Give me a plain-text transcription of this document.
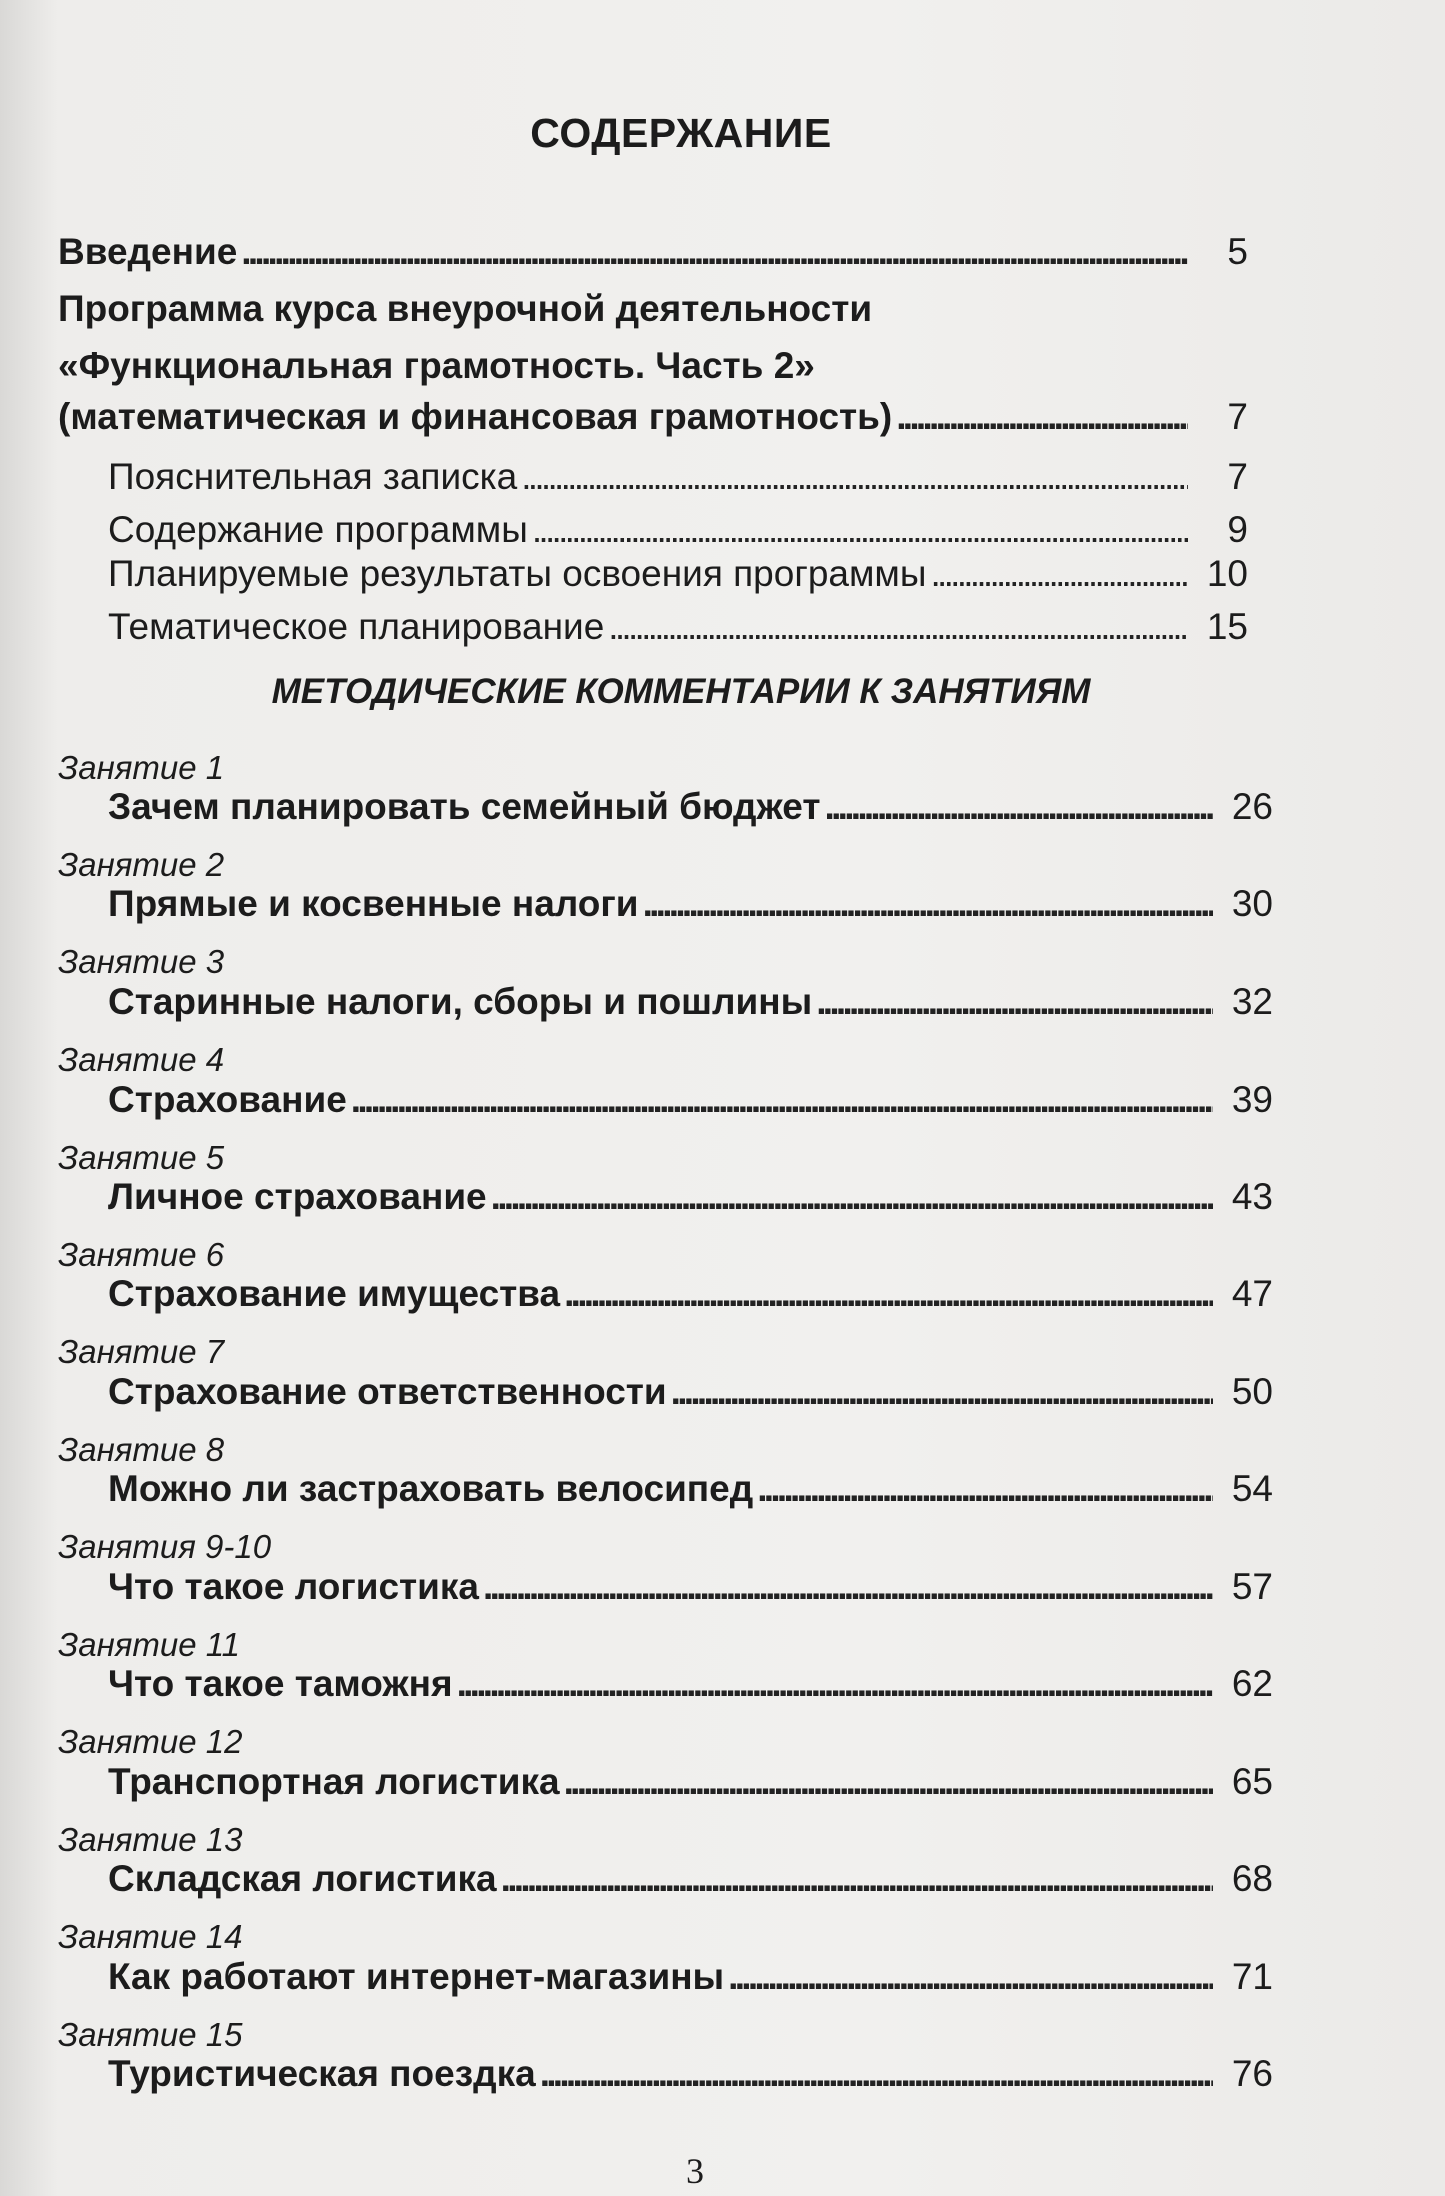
СОДЕРЖАНИЕ
Введение . . .	5
Программа курса внеурочной деятельности
«Функциональная грамотность. Часть 2»
(математическая и финансовая грамотность) . . .	7
Пояснительная записка . . .	7
Содержание программы . . .	9
Планируемые результаты освоения программы . . .	10
Тематическое планирование . . .	15
МЕТОДИЧЕСКИЕ КОММЕНТАРИИ К ЗАНЯТИЯМ
Занятие 1
Зачем планировать семейный бюджет . . .	26
Занятие 2
Прямые и косвенные налоги . . .	30
Занятие 3
Старинные налоги, сборы и пошлины . . .	32
Занятие 4
Страхование . . .	39
Занятие 5
Личное страхование . . .	43
Занятие 6
Страхование имущества . . .	47
Занятие 7
Страхование ответственности . . .	50
Занятие 8
Можно ли застраховать велосипед . . .	54
Занятия 9-10
Что такое логистика . . .	57
Занятие 11
Что такое таможня . . .	62
Занятие 12
Транспортная логистика . . .	65
Занятие 13
Складская логистика . . .	68
Занятие 14
Как работают интернет-магазины . . .	71
Занятие 15
Туристическая поездка . . .	76
3
